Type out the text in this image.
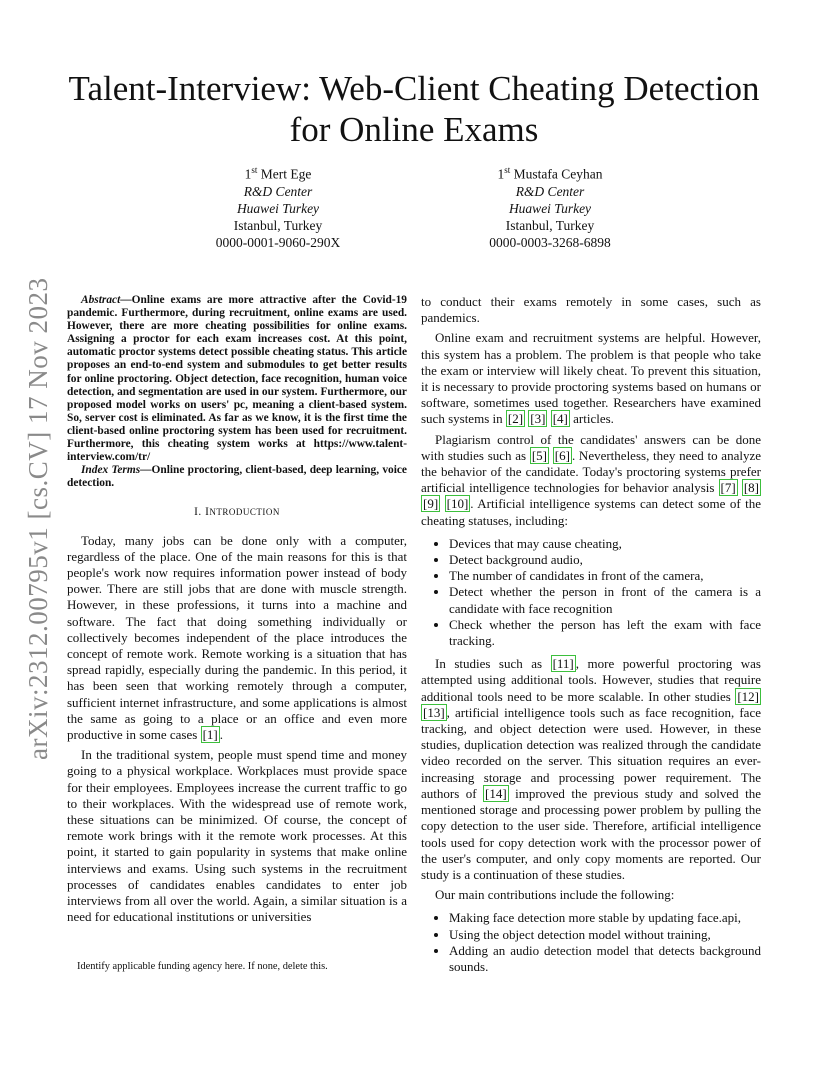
arXiv:2312.00795v1 [cs.CV] 17 Nov 2023
Talent-Interview: Web-Client Cheating Detection for Online Exams
1st Mert Ege
R&D Center
Huawei Turkey
Istanbul, Turkey
0000-0001-9060-290X
1st Mustafa Ceyhan
R&D Center
Huawei Turkey
Istanbul, Turkey
0000-0003-3268-6898

Abstract—Online exams are more attractive after the Covid-19 pandemic. Furthermore, during recruitment, online exams are used. However, there are more cheating possibilities for online exams. Assigning a proctor for each exam increases cost. At this point, automatic proctor systems detect possible cheating status. This article proposes an end-to-end system and submodules to get better results for online proctoring. Object detection, face recognition, human voice detection, and segmentation are used in our system. Furthermore, our proposed model works on users' pc, meaning a client-based system. So, server cost is eliminated. As far as we know, it is the first time the client-based online proctoring system has been used for recruitment. Furthermore, this cheating system works at https://www.talent-interview.com/tr/

Index Terms—Online proctoring, client-based, deep learning, voice detection.

I. INTRODUCTION

Today, many jobs can be done only with a computer, regardless of the place. One of the main reasons for this is that people's work now requires information power instead of body power. There are still jobs that are done with muscle strength. However, in these professions, it turns into a machine and software. The fact that doing something individually or collectively becomes independent of the place introduces the concept of remote work. Remote working is a situation that has spread rapidly, especially during the pandemic. In this period, it has been seen that working remotely through a computer, sufficient internet infrastructure, and some applications is almost the same as going to a place or an office and even more productive in some cases [1] .

In the traditional system, people must spend time and money going to a physical workplace. Workplaces must provide space for their employees. Employees increase the current traffic to go to their workplaces. With the widespread use of remote work, these situations can be minimized. Of course, the concept of remote work brings with it the remote work processes. At this point, it started to gain popularity in systems that make online interviews and exams. Using such systems in the recruitment processes of candidates enables candidates to enter job interviews from all over the world. Again, a similar situation is a need for educational institutions or universities

to conduct their exams remotely in some cases, such as pandemics.

Online exam and recruitment systems are helpful. However, this system has a problem. The problem is that people who take the exam or interview will likely cheat. To prevent this situation, it is necessary to provide proctoring systems based on humans or software, sometimes used together. Researchers have examined such systems in [2] [3] [4] articles.

Plagiarism control of the candidates' answers can be done with studies such as [5] [6] . Nevertheless, they need to analyze the behavior of the candidate. Today's proctoring systems prefer artificial intelligence technologies for behavior analysis [7] [8] [9] [10] . Artificial intelligence systems can detect some of the cheating statuses, including:

• Devices that may cause cheating,
• Detect background audio,
• The number of candidates in front of the camera,
• Detect whether the person in front of the camera is a candidate with face recognition
• Check whether the person has left the exam with face tracking.

In studies such as [11] , more powerful proctoring was attempted using additional tools. However, studies that require additional tools need to be more scalable. In other studies [12] [13] , artificial intelligence tools such as face recognition, face tracking, and object detection were used. However, in these studies, duplication detection was realized through the candidate video recorded on the server. This situation requires an ever-increasing storage and processing power requirement. The authors of [14] improved the previous study and solved the mentioned storage and processing power problem by pulling the copy detection to the user side. Therefore, artificial intelligence tools used for copy detection work with the processor power of the user's computer, and only copy moments are reported. Our study is a continuation of these studies.

Our main contributions include the following:

• Making face detection more stable by updating face.api,
• Using the object detection model without training,
• Adding an audio detection model that detects background sounds.
Identify applicable funding agency here. If none, delete this.
